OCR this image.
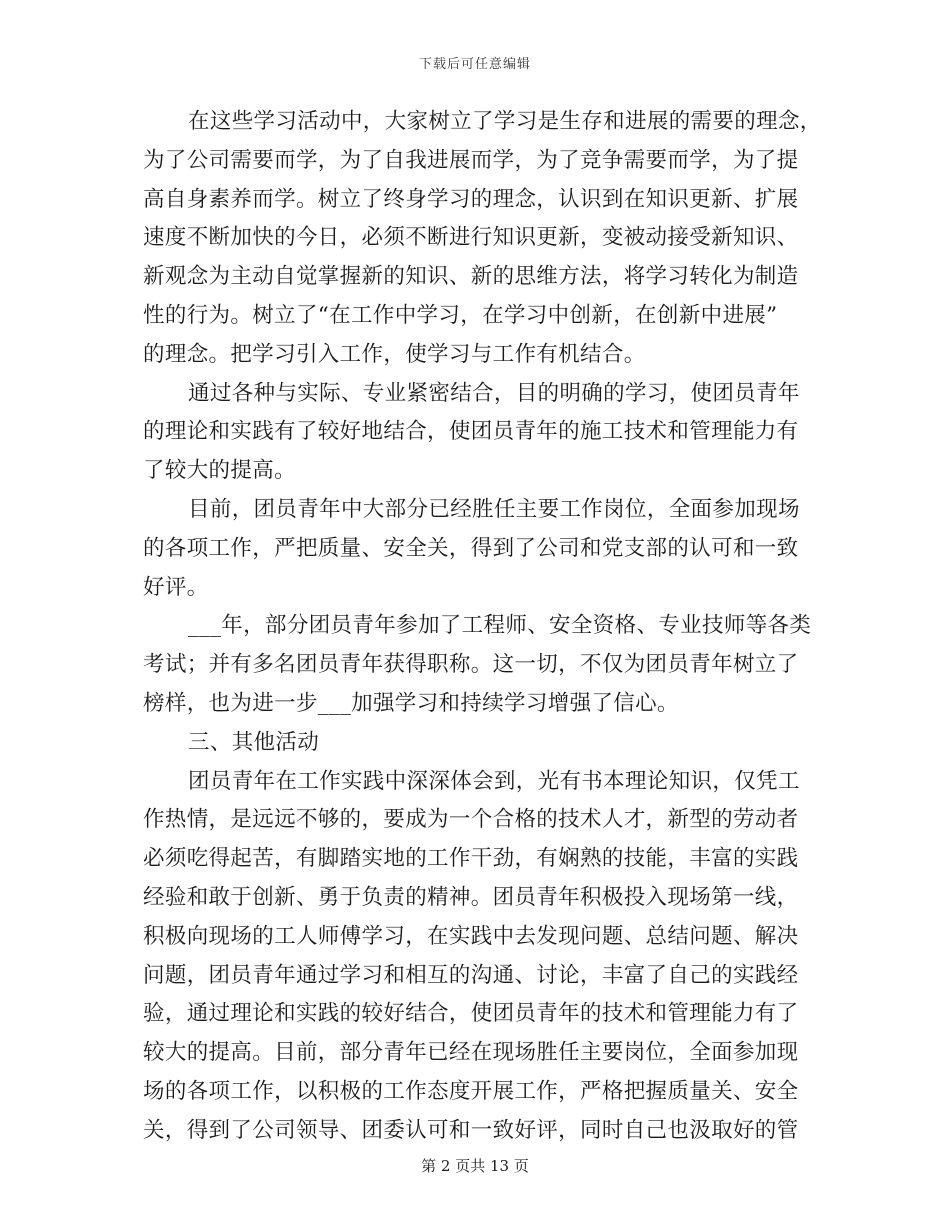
下载后可任意编辑
在这些学习活动中，大家树立了学习是生存和进展的需要的理念，
为了公司需要而学，为了自我进展而学，为了竞争需要而学，为了提
高自身素养而学。树立了终身学习的理念，认识到在知识更新、扩展
速度不断加快的今日，必须不断进行知识更新，变被动接受新知识、
新观念为主动自觉掌握新的知识、新的思维方法，将学习转化为制造
性的行为。树立了“在工作中学习，在学习中创新，在创新中进展”
的理念。把学习引入工作，使学习与工作有机结合。
通过各种与实际、专业紧密结合，目的明确的学习，使团员青年
的理论和实践有了较好地结合，使团员青年的施工技术和管理能力有
了较大的提高。
目前，团员青年中大部分已经胜任主要工作岗位，全面参加现场
的各项工作，严把质量、安全关，得到了公司和党支部的认可和一致
好评。
___年，部分团员青年参加了工程师、安全资格、专业技师等各类
考试；并有多名团员青年获得职称。这一切，不仅为团员青年树立了
榜样，也为进一步___加强学习和持续学习增强了信心。
三、其他活动
团员青年在工作实践中深深体会到，光有书本理论知识，仅凭工
作热情，是远远不够的，要成为一个合格的技术人才，新型的劳动者
必须吃得起苦，有脚踏实地的工作干劲，有娴熟的技能，丰富的实践
经验和敢于创新、勇于负责的精神。团员青年积极投入现场第一线，
积极向现场的工人师傅学习，在实践中去发现问题、总结问题、解决
问题，团员青年通过学习和相互的沟通、讨论，丰富了自己的实践经
验，通过理论和实践的较好结合，使团员青年的技术和管理能力有了
较大的提高。目前，部分青年已经在现场胜任主要岗位，全面参加现
场的各项工作，以积极的工作态度开展工作，严格把握质量关、安全
关，得到了公司领导、团委认可和一致好评，同时自己也汲取好的管
第 2 页共 13 页
